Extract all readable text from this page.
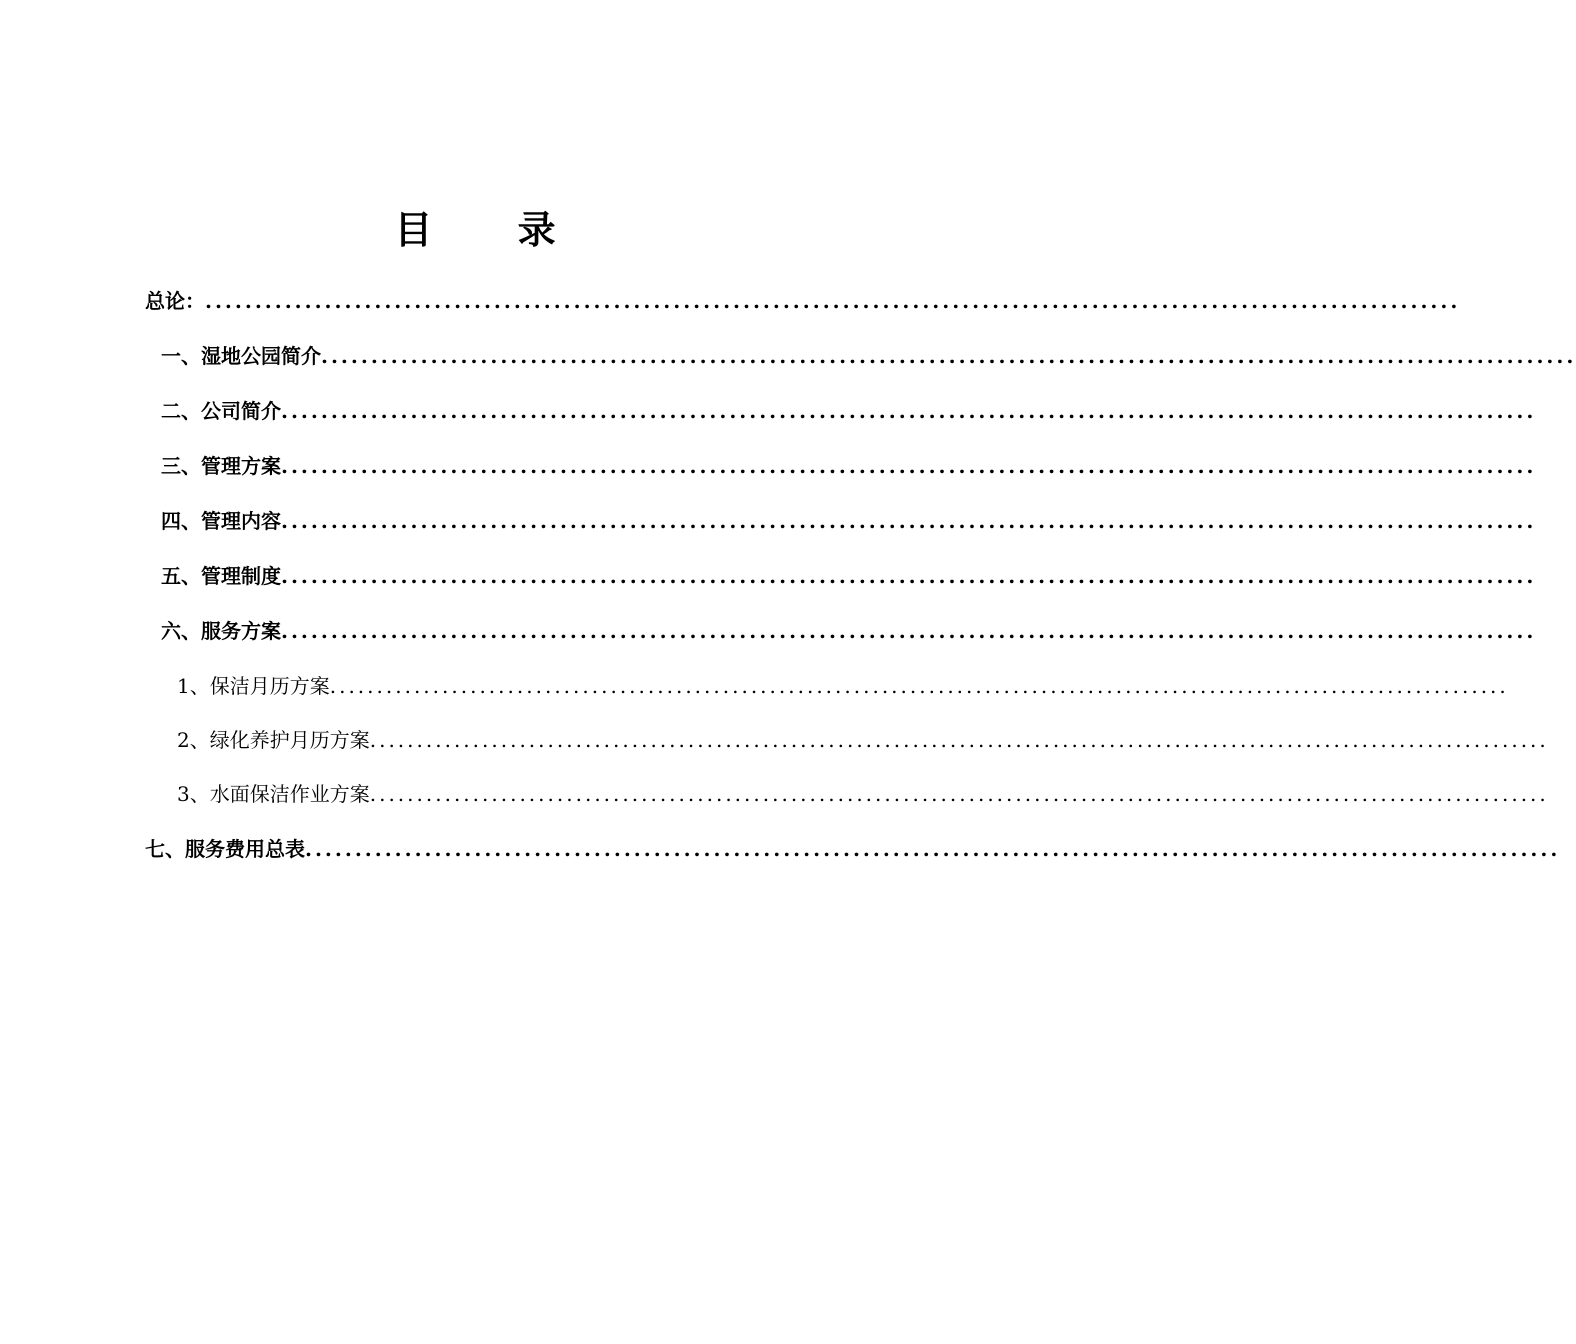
目 录
总论： ..............................................................................................................................
一、湿地公园简介 ..............................................................................................................................
二、公司简介 ..............................................................................................................................
三、管理方案 ..............................................................................................................................
四、管理内容 ..............................................................................................................................
五、管理制度 ..............................................................................................................................
六、服务方案 ..............................................................................................................................
1、保洁月历方案 ..............................................................................................................................
2、绿化养护月历方案 ..............................................................................................................................
3、水面保洁作业方案 ..............................................................................................................................
七、服务费用总表 ..............................................................................................................................
